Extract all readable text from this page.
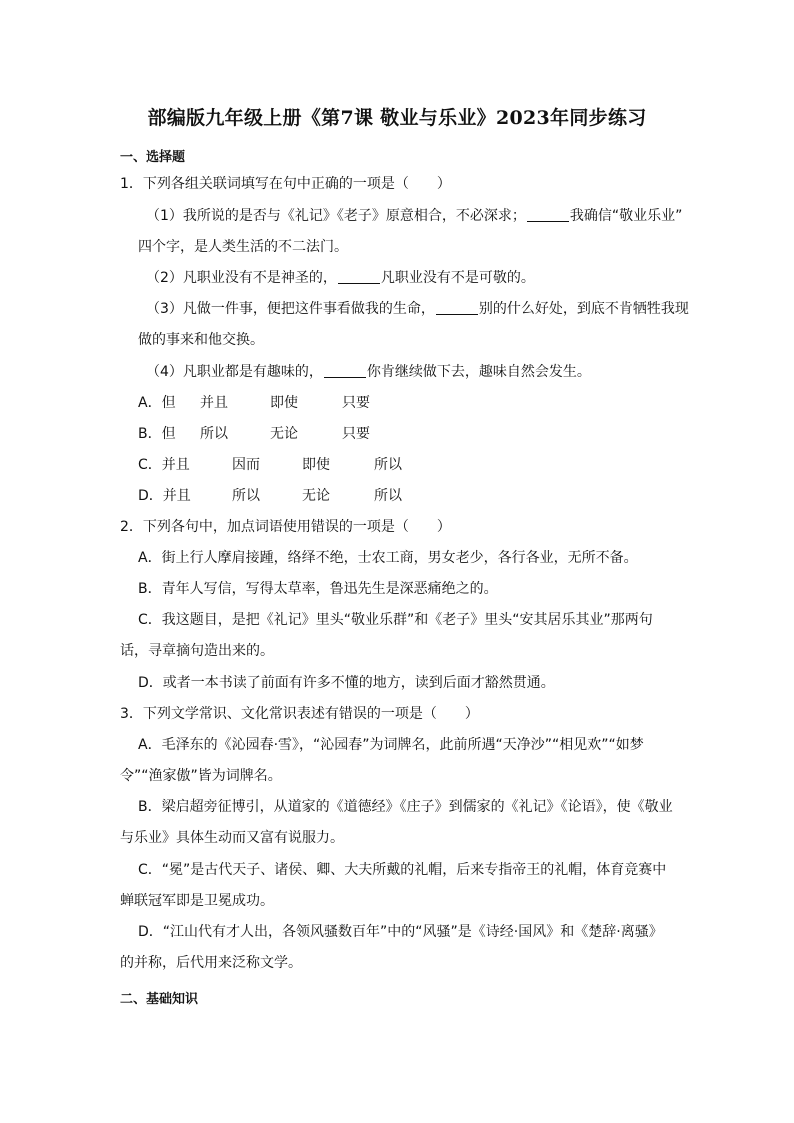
部编版九年级上册《第7课 敬业与乐业》2023年同步练习
一、选择题
1．下列各组关联词填写在句中正确的一项是（　　）
（1）我所说的是否与《礼记》《老子》原意相合，不必深求；	我确信“敬业乐业”
四个字，是人类生活的不二法门。
（2）凡职业没有不是神圣的，	凡职业没有不是可敬的。
（3）凡做一件事，便把这件事看做我的生命，	别的什么好处，到底不肯牺牲我现
做的事来和他交换。
（4）凡职业都是有趣味的，	你肯继续做下去，趣味自然会发生。
A．但 并且	即使	只要
B．但 所以	无论	只要
C．并且	因而	即使	所以
D．并且	所以	无论	所以
2．下列各句中，加点词语使用错误的一项是（　　）
A．街上行人摩肩接踵，络绎不绝，士农工商，男女老少，各行各业，无所不备。
B．青年人写信，写得太草率，鲁迅先生是深恶痛绝之的。
C．我这题目，是把《礼记》里头“敬业乐群”和《老子》里头“安其居乐其业”那两句
话，寻章摘句造出来的。
D．或者一本书读了前面有许多不懂的地方，读到后面才豁然贯通。
3．下列文学常识、文化常识表述有错误的一项是（　　）
A．毛泽东的《沁园春·雪》，“沁园春”为词牌名，此前所遇“天净沙”“相见欢”“如梦
令”“渔家傲”皆为词牌名。
B．梁启超旁征博引，从道家的《道德经》《庄子》到儒家的《礼记》《论语》，使《敬业
与乐业》具体生动而又富有说服力。
C．“冕”是古代天子、诸侯、卿、大夫所戴的礼帽，后来专指帝王的礼帽，体育竞赛中
蝉联冠军即是卫冕成功。
D．“江山代有才人出，各领风骚数百年”中的“风骚”是《诗经·国风》和《楚辞·离骚》
的并称，后代用来泛称文学。
二、基础知识
